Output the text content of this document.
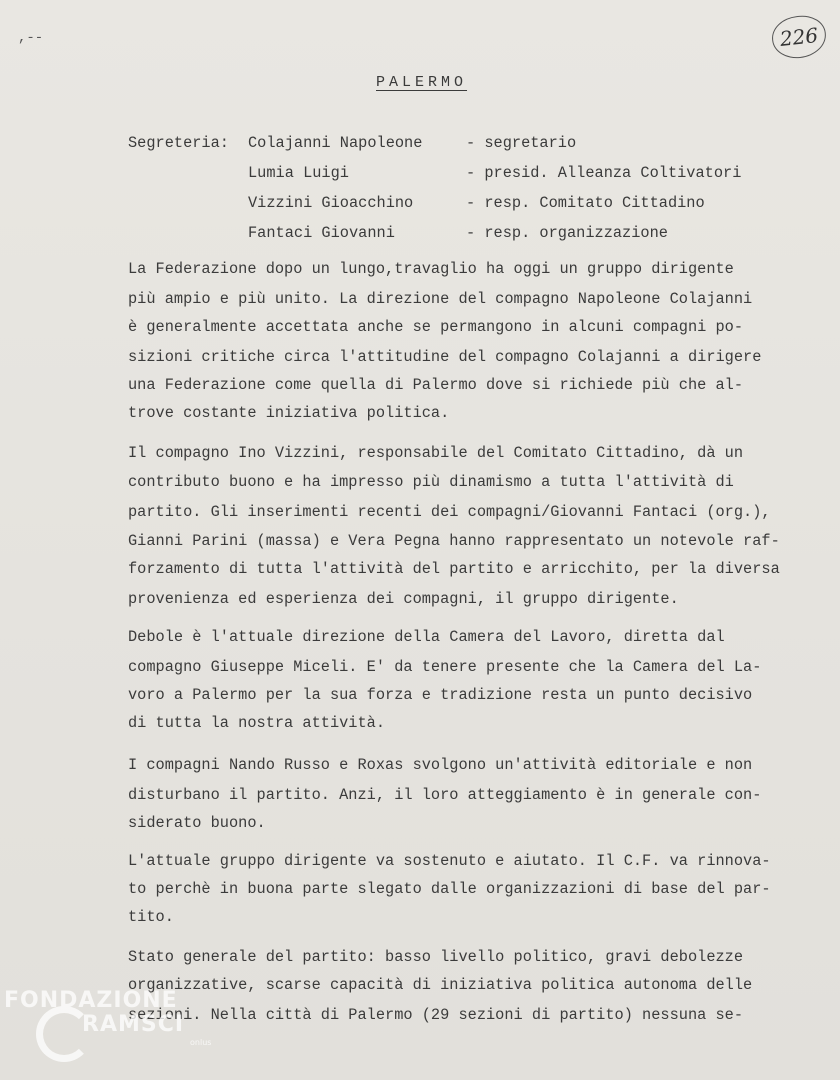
,--	226
PALERMO
Segreteria: Colajanni Napoleone	- segretario
Lumia Luigi	- presid. Alleanza Coltivatori
Vizzini Gioacchino	- resp. Comitato Cittadino
Fantaci Giovanni	- resp. organizzazione
La Federazione dopo un lungo,travaglio ha oggi un gruppo dirigente
più ampio e più unito. La direzione del compagno Napoleone Colajanni
è generalmente accettata anche se permangono in alcuni compagni po-
sizioni critiche circa l'attitudine del compagno Colajanni a dirigere
una Federazione come quella di Palermo dove si richiede più che al-
trove costante iniziativa politica.
Il compagno Ino Vizzini, responsabile del Comitato Cittadino, dà un
contributo buono e ha impresso più dinamismo a tutta l'attività di
partito. Gli inserimenti recenti dei compagni/Giovanni Fantaci (org.),
Gianni Parini (massa) e Vera Pegna hanno rappresentato un notevole raf-
forzamento di tutta l'attività del partito e arricchito, per la diversa
provenienza ed esperienza dei compagni, il gruppo dirigente.
Debole è l'attuale direzione della Camera del Lavoro, diretta dal
compagno Giuseppe Miceli. E' da tenere presente che la Camera del La-
voro a Palermo per la sua forza e tradizione resta un punto decisivo
di tutta la nostra attività.
I compagni Nando Russo e Roxas svolgono un'attività editoriale e non
disturbano il partito. Anzi, il loro atteggiamento è in generale con-
siderato buono.
L'attuale gruppo dirigente va sostenuto e aiutato. Il C.F. va rinnova-
to perchè in buona parte slegato dalle organizzazioni di base del par-
tito.
Stato generale del partito: basso livello politico, gravi debolezze
organizzative, scarse capacità di iniziativa politica autonoma delle
sezioni. Nella città di Palermo (29 sezioni di partito) nessuna se-
FONDAZIONE
RAMSCI
onlus
